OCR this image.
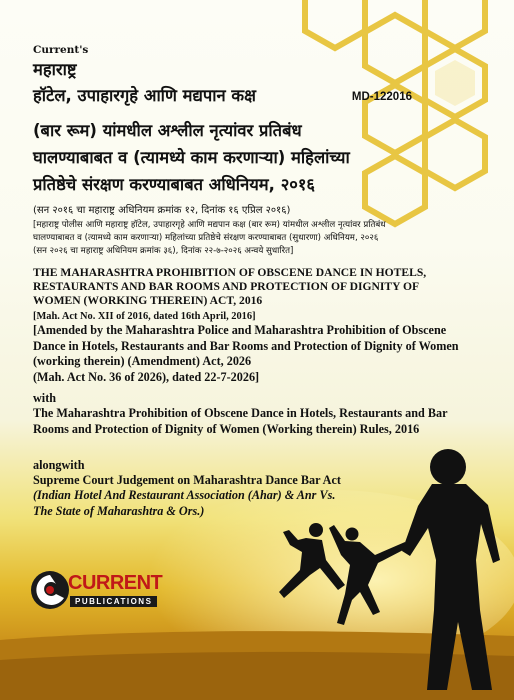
Current's
महाराष्ट्र
हॉटेल, उपाहारगृहे आणि मद्यपान कक्ष	MD-122016
(बार रूम) यांमधील अश्लील नृत्यांवर प्रतिबंध
घालण्याबाबत व (त्यामध्ये काम करणाऱ्या) महिलांच्या
प्रतिष्ठेचे संरक्षण करण्याबाबत अधिनियम, २०१६
(सन २०१६ चा महाराष्ट्र अधिनियम क्रमांक १२, दिनांक १६ एप्रिल २०१६)
[महाराष्ट्र पोलीस आणि महाराष्ट्र हॉटेल, उपाहारगृहे आणि मद्यपान कक्ष (बार रूम) यांमधील अश्लील नृत्यांवर प्रतिबंध
घालण्याबाबत व (त्यामध्ये काम करणाऱ्या) महिलांच्या प्रतिष्ठेचे संरक्षण करण्याबाबत (सुधारणा) अधिनियम, २०२६
(सन २०२६ चा महाराष्ट्र अधिनियम क्रमांक ३६), दिनांक २२-७-२०२६ अन्वये सुधारित]
THE MAHARASHTRA PROHIBITION OF OBSCENE DANCE IN HOTELS, RESTAURANTS AND BAR ROOMS AND PROTECTION OF DIGNITY OF WOMEN (WORKING THEREIN) ACT, 2016
[Mah. Act No. XII of 2016, dated 16th April, 2016]
[Amended by the Maharashtra Police and Maharashtra Prohibition of Obscene Dance in Hotels, Restaurants and Bar Rooms and Protection of Dignity of Women (working therein) (Amendment) Act, 2026
(Mah. Act No. 36 of 2026), dated 22-7-2026]
with
The Maharashtra Prohibition of Obscene Dance in Hotels, Restaurants and Bar Rooms and Protection of Dignity of Women (Working therein) Rules, 2016
alongwith
Supreme Court Judgement on Maharashtra Dance Bar Act
(Indian Hotel And Restaurant Association (Ahar) & Anr Vs.
The State of Maharashtra & Ors.)
CURRENT
PUBLICATIONS
